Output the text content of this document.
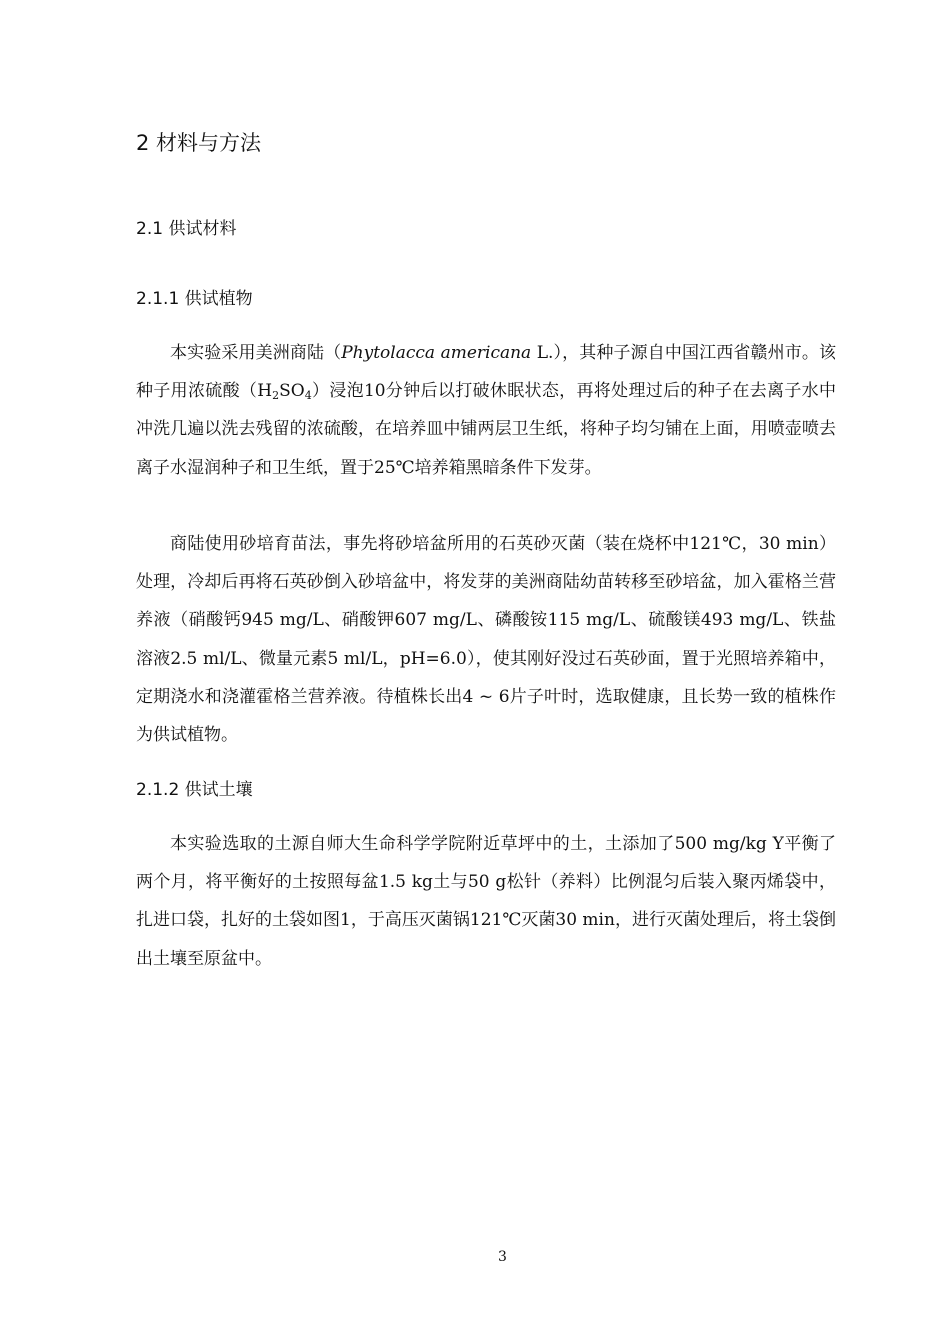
2 材料与方法
2.1 供试材料
2.1.1 供试植物

本实验采用美洲商陆（Phytolacca americana L.），其种子源自中国江西省赣州市。该种子用浓硫酸$(H_2SO_4)$浸泡10分钟后以打破休眠状态，再将处理过后的种子在去离子水中冲洗几遍以洗去残留的浓硫酸，在培养皿中铺两层卫生纸，将种子均匀铺在上面，用喷壶喷去离子水湿润种子和卫生纸，置于25℃培养箱黑暗条件下发芽。

商陆使用砂培育苗法，事先将砂培盆所用的石英砂灭菌（装在烧杯中121℃，30 min）处理，冷却后再将石英砂倒入砂培盆中，将发芽的美洲商陆幼苗转移至砂培盆，加入霍格兰营养液（硝酸钙945 mg/L、硝酸钾607 mg/L、磷酸铵115 mg/L、硫酸镁493 mg/L、铁盐溶液2.5 ml/L、微量元素5 ml/L，pH=6.0），使其刚好没过石英砂面，置于光照培养箱中，定期浇水和浇灌霍格兰营养液。待植株长出4 ~ 6片子叶时，选取健康，且长势一致的植株作为供试植物。

2.1.2 供试土壤

本实验选取的土源自师大生命科学学院附近草坪中的土，土添加了500 mg/kg Y平衡了两个月，将平衡好的土按照每盆1.5 kg土与50 g松针（养料）比例混匀后装入聚丙烯袋中，扎进口袋，扎好的土袋如图1，于高压灭菌锅121℃灭菌30 min，进行灭菌处理后，将土袋倒出土壤至原盆中。

3
